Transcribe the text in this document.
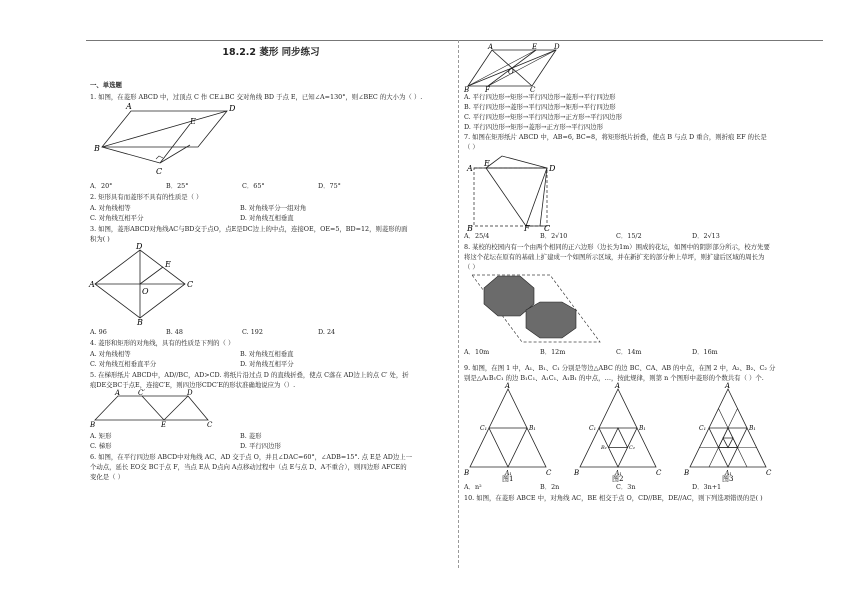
18.2.2 菱形 同步练习
一、单选题

1. 如图，在菱形 ABCD 中，过顶点 C 作 CE⊥BC 交对角线 BD 于点 E，已知∠A=130°，则∠BEC 的大小为（ ）.

B
A	D
E
C
A．20°	B．25°	C．65°	D．75°

2. 矩形具有而菱形不具有的性质是（ ）

A. 对角线相等	B. 对角线平分一组对角
C. 对角线互相平分	D. 对角线互相垂直

3. 如图，菱形ABCD对角线AC与BD交于点O，点E是DC边上的中点，连接OE，OE=5，BD=12，则菱形的面

积为( )

D
A	C
B
O
E
A. 96	B. 48	C. 192	D. 24

4. 菱形和矩形的对角线，具有的性质是下列的（ ）

A. 对角线相等	B. 对角线互相垂直
C. 对角线互相垂直平分	D. 对角线互相平分

5. 在梯形纸片 ABCD中，AD//BC，AD>CD. 将纸片沿过点 D 的直线折叠，使点 C落在 AD边上的点 C′ 处，折

痕DE交BC于点E，连接C′E，则四边形CDC′E的形状准确地说应为（）.

B
A	C′	D
E	C
A. 矩形	B. 菱形
C. 梯形	D. 平行四边形

6. 如图，在平行四边形 ABCD中对角线 AC、AD 交于点 O，并且∠DAC=60°，∠ADB=15°. 点 E是 AD边上一

个动点，延长 EO交 BC于点 F，当点 E从 D点向 A点移动过程中（点 E与点 D、A不重合），则四边形 AFCE的

变化是（ ）

A	E D
B F	C
O

A. 平行四边形→矩形→平行四边形→菱形→平行四边形

B. 平行四边形→菱形→平行四边形→矩形→平行四边形

C. 平行四边形→矩形→平行四边形→正方形→平行四边形

D. 平行四边形→矩形→菱形→正方形→平行四边形

7. 如图在矩形纸片 ABCD 中，AB=6, BC=8，将矩形纸片折叠，使点 B 与点 D 重合，则折痕 EF 的长是

（ ）

A
E
D
B	F C
A．25/4	B．2√10	C．15/2	D．2√13

8. 某校的校园内有一个由两个相同的正六边形（边长为1m）围成的花坛，如图中的阴影部分所示，校方先要

将这个花坛在原有的基础上扩建成一个如图所示区域，并在新扩充的部分种上草坪，则扩建后区域的周长为

（ ）

A．10m	B．12m	C．14m	D．16m

9. 如图，在图 1 中，A₁、B₁、C₁ 分别是等边△ABC 的边 BC、CA、AB 的中点，在图 2 中，A₂、B₂、C₂ 分

别是△A₁B₁C₁ 的边 B₁C₁、A₁C₁、A₁B₁ 的中点，…，按此规律，则第 n 个图形中菱形的个数共有（ ）个.

A
B	C
C₁	B₁
A₁
图1
A
B	C
C₁	B₁
B₂	C₂
A₁
图2
A
B	C
C₁	B₁
A₁
图3
A．n²	B．2n	C．3n	D．3n+1

10. 如图，在菱形 ABCE 中，对角线 AC，BE 相交于点 O，CD//BE，DE//AC，则下列选项错误的是( )
